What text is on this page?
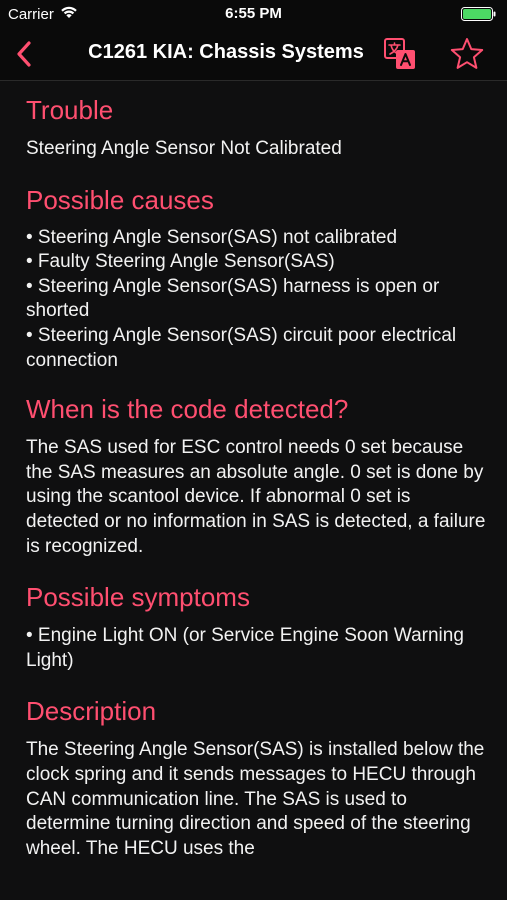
Carrier	6:55 PM
C1261 KIA: Chassis Systems
Trouble

Steering Angle Sensor Not Calibrated

Possible causes

• Steering Angle Sensor(SAS) not calibrated
• Faulty Steering Angle Sensor(SAS)
• Steering Angle Sensor(SAS) harness is open or shorted
• Steering Angle Sensor(SAS) circuit poor electrical connection

When is the code detected?

The SAS used for ESC control needs 0 set because the SAS measures an absolute angle. 0 set is done by using the scantool device. If abnormal 0 set is detected or no information in SAS is detected, a failure is recognized.

Possible symptoms

• Engine Light ON (or Service Engine Soon Warning Light)

Description

The Steering Angle Sensor(SAS) is installed below the clock spring and it sends messages to HECU through CAN communication line. The SAS is used to determine turning direction and speed of the steering wheel. The HECU uses the
